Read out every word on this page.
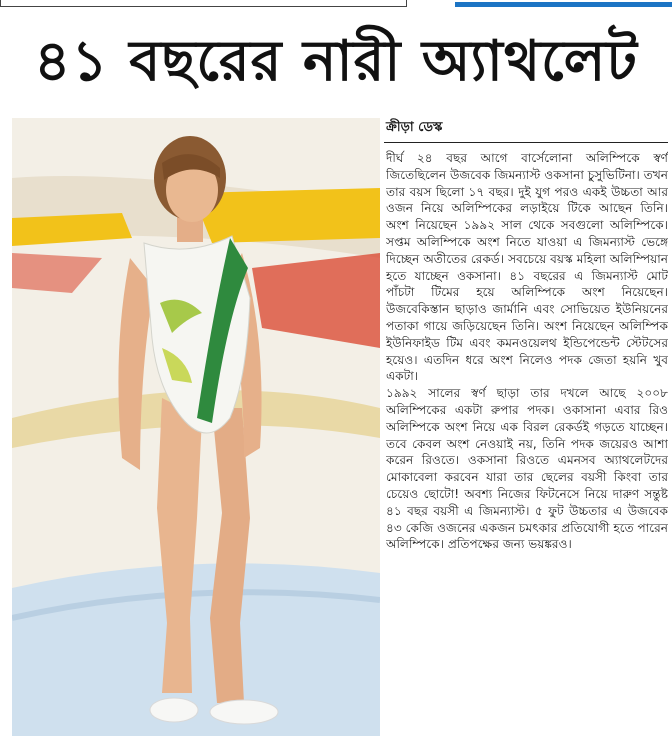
৪১ বছরের নারী অ্যাথলেট

ক্রীড়া ডেস্ক

দীর্ঘ ২৪ বছর আগে বার্সেলোনা অলিম্পিকে স্বর্ণ জিতেছিলেন উজবেক জিমন্যাস্ট ওকসানা চুসুভিটিনা। তখন তার বয়স ছিলো ১৭ বছর। দুই যুগ পরও একই উচ্চতা আর ওজন নিয়ে অলিম্পিকের লড়াইয়ে টিকে আছেন তিনি। অংশ নিয়েছেন ১৯৯২ সাল থেকে সবগুলো অলিম্পিকে। সপ্তম অলিম্পিকে অংশ নিতে যাওয়া এ জিমন্যাস্ট ভেঙ্গে দিচ্ছেন অতীতের রেকর্ড। সবচেয়ে বয়স্ক মহিলা অলিম্পিয়ান হতে যাচ্ছেন ওকসানা। ৪১ বছরের এ জিমন্যাস্ট মোট পাঁচটা টিমের হয়ে অলিম্পিকে অংশ নিয়েছেন। উজবেকিস্তান ছাড়াও জার্মানি এবং সোভিয়েত ইউনিয়নের পতাকা গায়ে জড়িয়েছেন তিনি। অংশ নিয়েছেন অলিম্পিক ইউনিফাইড টিম এবং কমনওয়েলথ ইন্ডিপেন্ডেন্ট স্টেটসের হয়েও। এতদিন ধরে অংশ নিলেও পদক জেতা হয়নি খুব একটা।

১৯৯২ সালের স্বর্ণ ছাড়া তার দখলে আছে ২০০৮ অলিম্পিকের একটা রুপার পদক। ওকাসানা এবার রিও অলিম্পিকে অংশ নিয়ে এক বিরল রেকর্ডই গড়তে যাচ্ছেন। তবে কেবল অংশ নেওয়াই নয়, তিনি পদক জয়েরও আশা করেন রিওতে। ওকসানা রিওতে এমনসব অ্যাথলেটদের মোকাবেলা করবেন যারা তার ছেলের বয়সী কিংবা তার চেয়েও ছোটো! অবশ্য নিজের ফিটনেসে নিয়ে দারুণ সন্তুষ্ট ৪১ বছর বয়সী এ জিমন্যাস্ট। ৫ ফুট উচ্চতার এ উজবেক ৪৩ কেজি ওজনের একজন চমৎকার প্রতিযোগী হতে পারেন অলিম্পিকে। প্রতিপক্ষের জন্য ভয়ঙ্করও।
